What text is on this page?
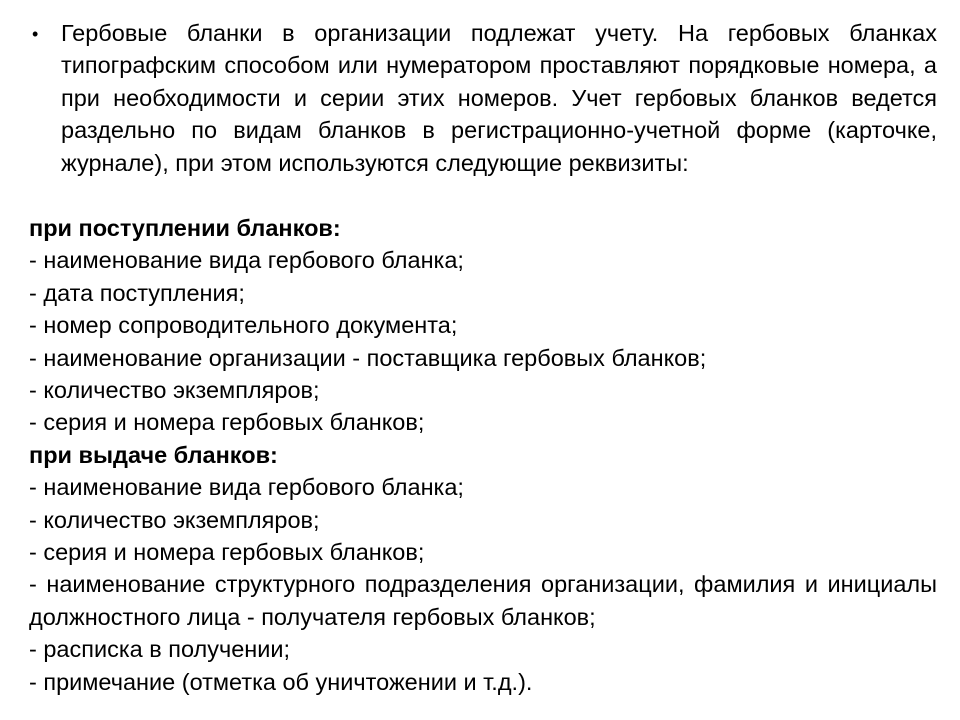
• Гербовые бланки в организации подлежат учету. На гербовых бланках типографским способом или нумератором проставляют порядковые номера, а при необходимости и серии этих номеров. Учет гербовых бланков ведется раздельно по видам бланков в регистрационно-учетной форме (карточке, журнале), при этом используются следующие реквизиты:

при поступлении бланков:
- наименование вида гербового бланка;
- дата поступления;
- номер сопроводительного документа;
- наименование организации - поставщика гербовых бланков;
- количество экземпляров;
- серия и номера гербовых бланков;
при выдаче бланков:
- наименование вида гербового бланка;
- количество экземпляров;
- серия и номера гербовых бланков;
- наименование структурного подразделения организации, фамилия и инициалы должностного лица - получателя гербовых бланков;
- расписка в получении;
- примечание (отметка об уничтожении и т.д.).
